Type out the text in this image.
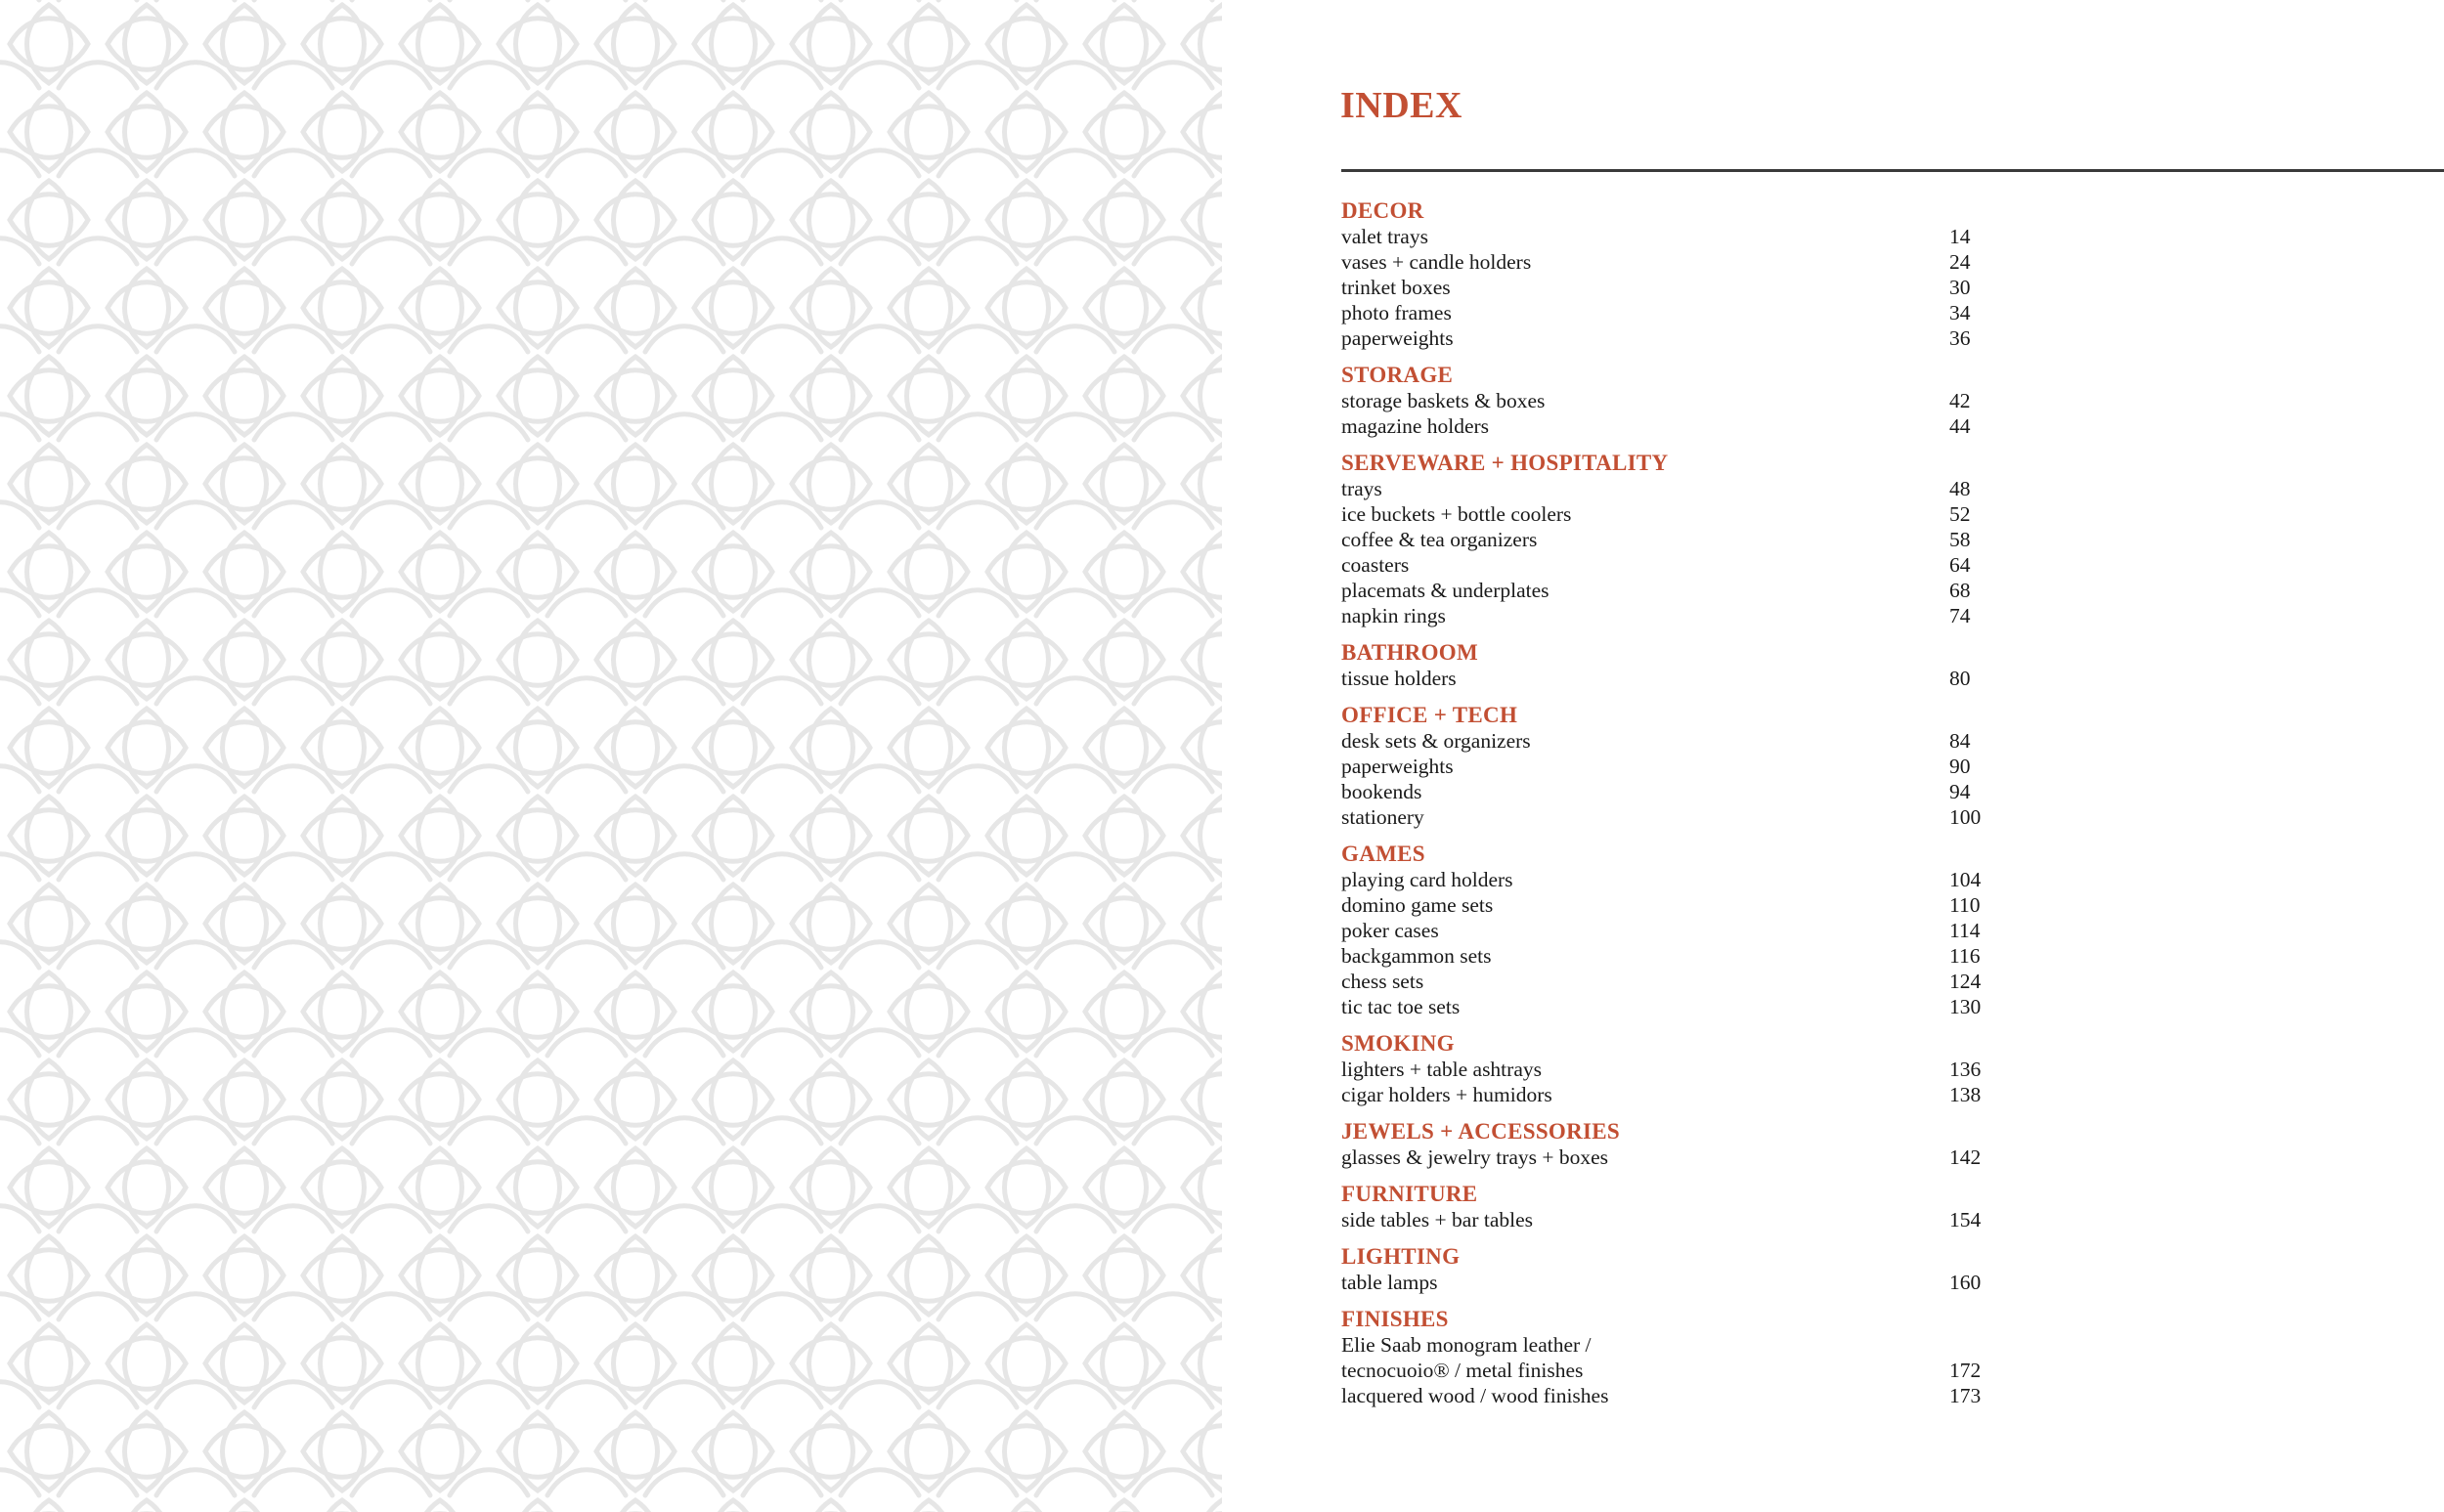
INDEX
DECOR
valet trays	14
vases + candle holders	24
trinket boxes	30
photo frames	34
paperweights	36
STORAGE
storage baskets & boxes	42
magazine holders	44
SERVEWARE + HOSPITALITY
trays	48
ice buckets + bottle coolers	52
coffee & tea organizers	58
coasters	64
placemats & underplates	68
napkin rings	74
BATHROOM
tissue holders	80
OFFICE + TECH
desk sets & organizers	84
paperweights	90
bookends	94
stationery	100
GAMES
playing card holders	104
domino game sets	110
poker cases	114
backgammon sets	116
chess sets	124
tic tac toe sets	130
SMOKING
lighters + table ashtrays	136
cigar holders + humidors	138
JEWELS + ACCESSORIES
glasses & jewelry trays + boxes	142
FURNITURE
side tables + bar tables	154
LIGHTING
table lamps	160
FINISHES
Elie Saab monogram leather /
tecnocuoio® / metal finishes	172
lacquered wood / wood finishes	173
